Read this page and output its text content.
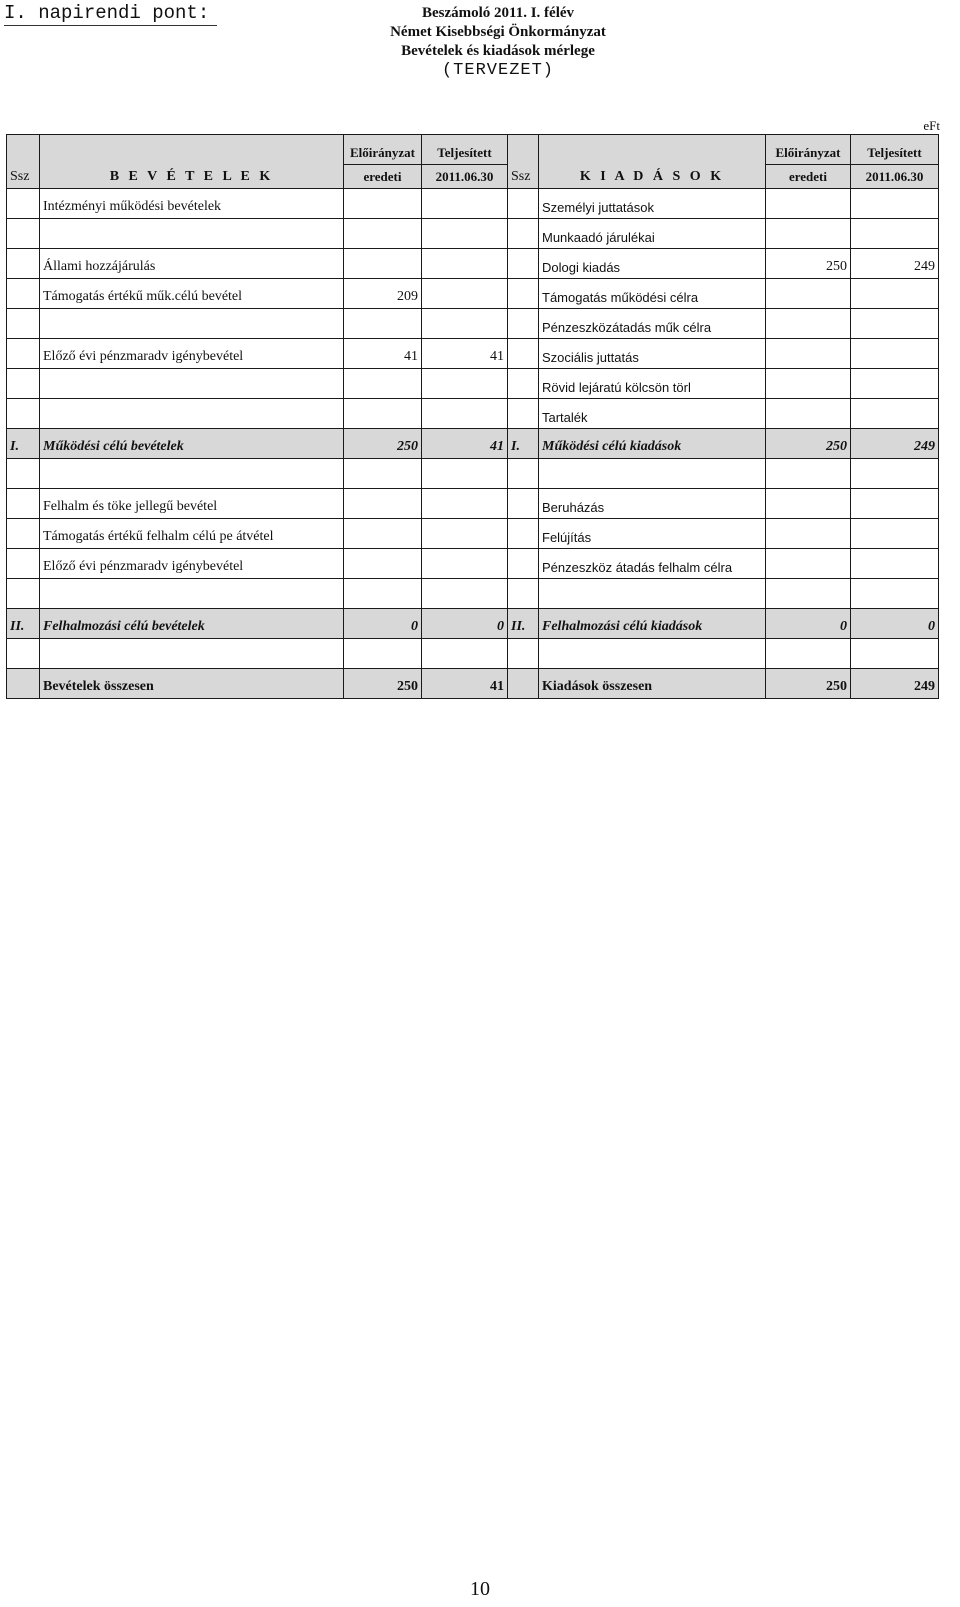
I. napirendi pont:	Beszámoló 2011. I. félév
Német Kisebbségi Önkormányzat
Bevételek és kiadások mérlege
(TERVEZET)
eFt
Ssz	B E V É T E L E K	Előirányzat	Teljesített	Ssz	K I A D Á S O K	Előirányzat	Teljesített
		eredeti	2011.06.30			eredeti	2011.06.30
	Intézményi működési bevételek				Személyi juttatások		
					Munkaadó járulékai		
	Állami hozzájárulás				Dologi kiadás	250	249
	Támogatás értékű műk.célú bevétel	209			Támogatás működési célra		
					Pénzeszközátadás műk célra		
	Előző évi pénzmaradv igénybevétel	41	41		Szociális juttatás		
					Rövid lejáratú kölcsön törl		
					Tartalék		
I.	Működési célú bevételek	250	41	I.	Működési célú kiadások	250	249

	Felhalm és töke jellegű bevétel				Beruházás		
	Támogatás értékű felhalm célú pe átvétel				Felújítás		
	Előző évi pénzmaradv igénybevétel				Pénzeszköz átadás felhalm célra		

II.	Felhalmozási célú bevételek	0	0	II.	Felhalmozási célú kiadások	0	0

	Bevételek összesen	250	41		Kiadások összesen	250	249
10
